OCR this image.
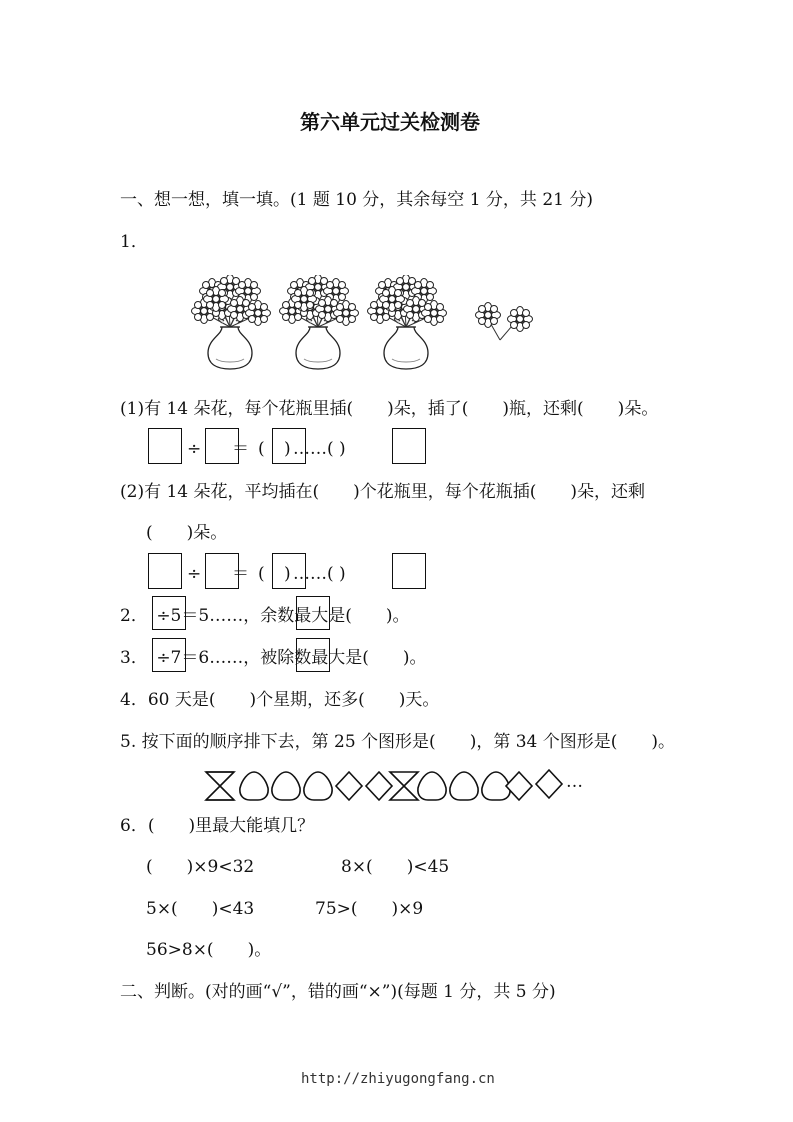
第六单元过关检测卷
一、想一想，填一填。(1 题 10 分，其余每空 1 分，共 21 分)
1．
(1)有 14 朵花，每个花瓶里插(　　)朵，插了(　　)瓶，还剩(　　)朵。
÷ ＝ ( ) …… ( )
(2)有 14 朵花，平均插在(　　)个花瓶里，每个花瓶插(　　)朵，还剩
(　　)朵。
÷ ＝ ( ) …… ( )
2．　÷5＝5……，余数最大是(　　)。
3．　÷7＝6……，被除数最大是(　　)。
4．60 天是(　　)个星期，还多(　　)天。
5. 按下面的顺序排下去，第 25 个图形是(　　)，第 34 个图形是(　　)。
…
6．(　　)里最大能填几？
(　　)×9<32	8×(　　)<45
5×(　　)<43	75>(　　)×9
56>8×(　　)。
二、判断。(对的画“√”，错的画“×”)(每题 1 分，共 5 分)
http://zhiyugongfang.cn
